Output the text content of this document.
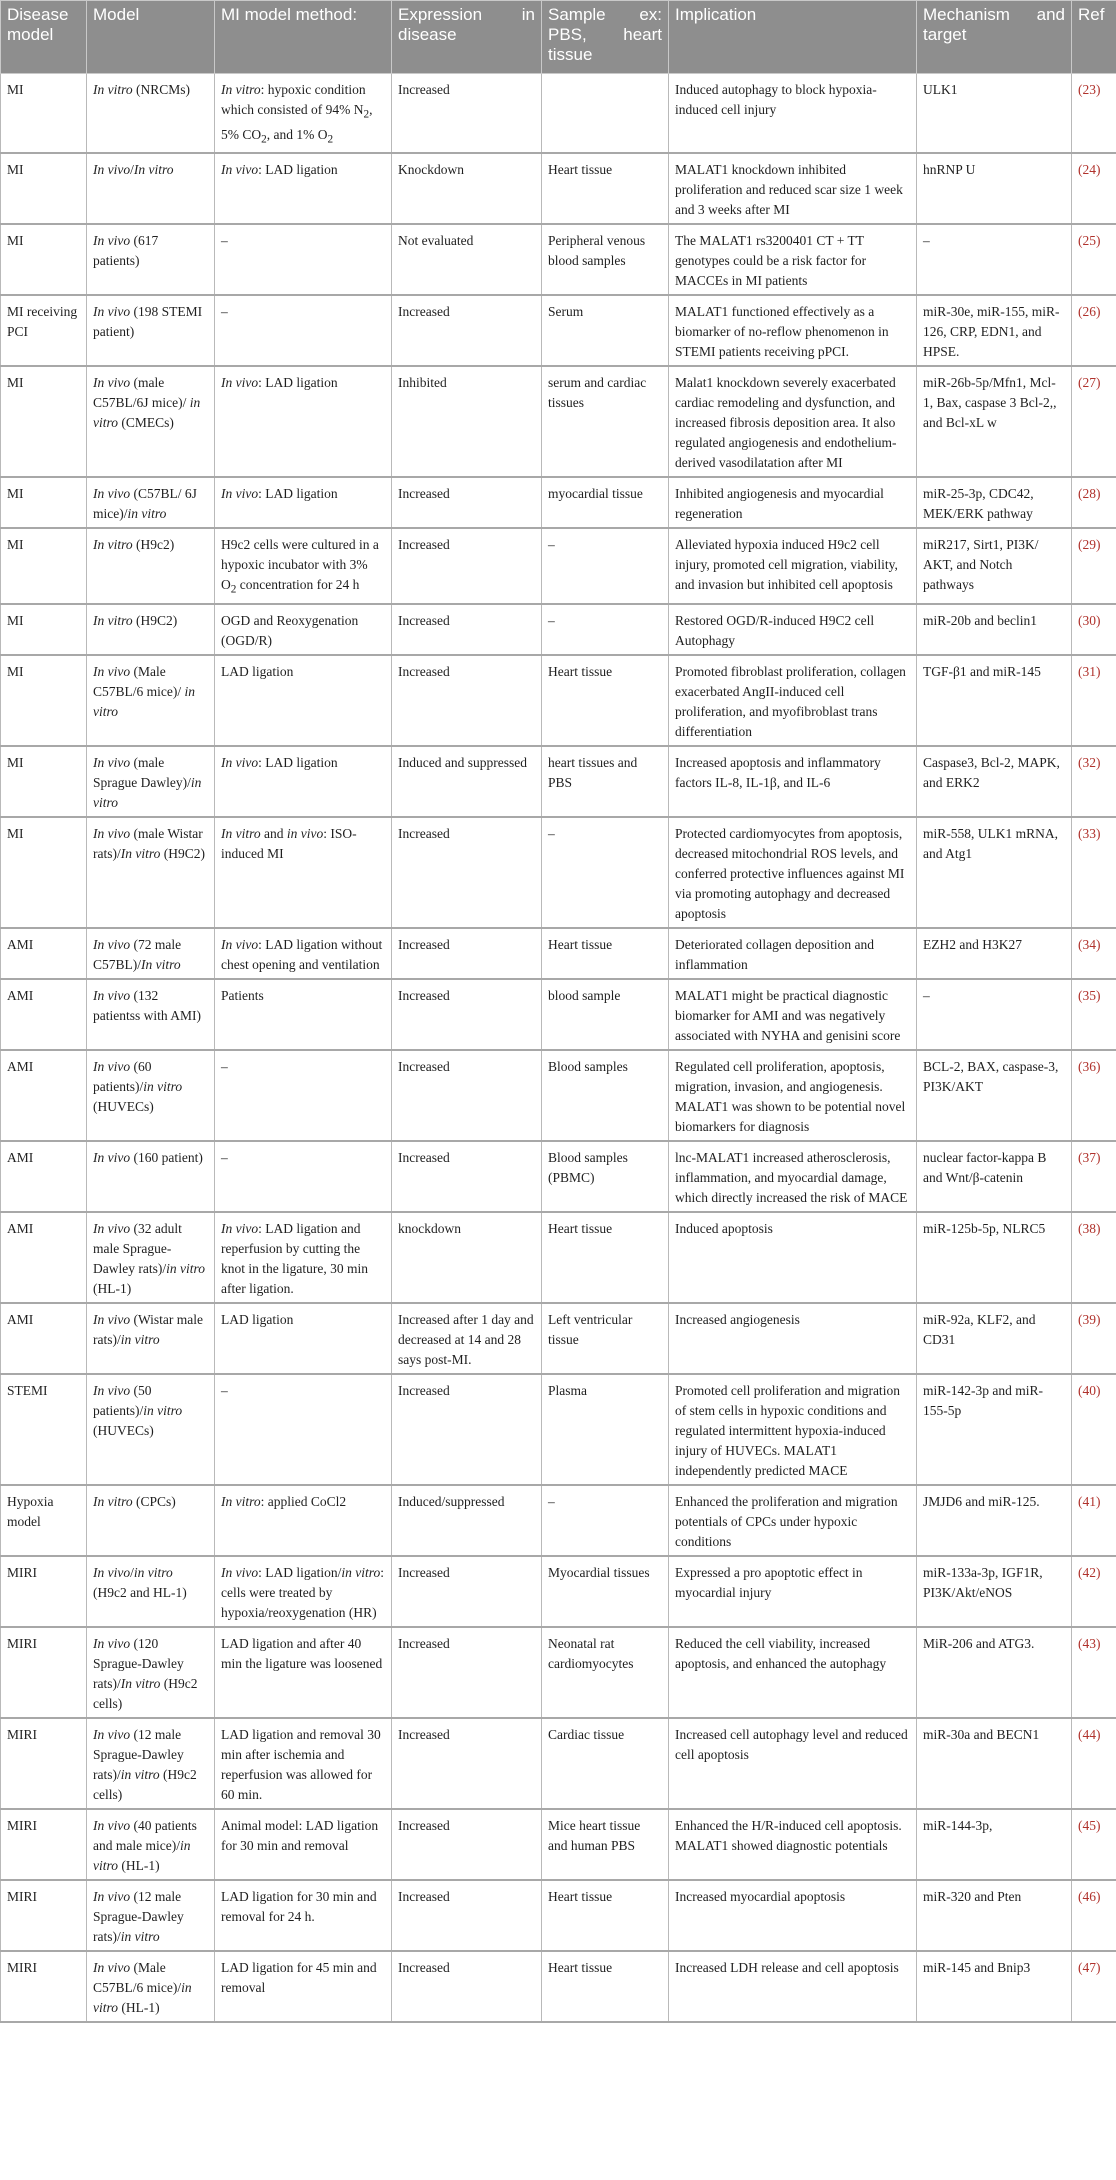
Disease model	Model	MI model method:	Expression in disease	Sample ex: PBS, heart tissue	Implication	Mechanism and target	Ref
MI	In vitro (NRCMs)	In vitro: hypoxic condition which consisted of 94% $N_2$, 5% $CO_2$, and 1% $O_2$	Increased		Induced autophagy to block hypoxia-induced cell injury	ULK1	(23)
MI	In vivo/In vitro	In vivo: LAD ligation	Knockdown	Heart tissue	MALAT1 knockdown inhibited proliferation and reduced scar size 1 week and 3 weeks after MI	hnRNP U	(24)
MI	In vivo (617 patients)	–	Not evaluated	Peripheral venous blood samples	The MALAT1 rs3200401 CT + TT genotypes could be a risk factor for MACCEs in MI patients	–	(25)
MI receiving PCI	In vivo (198 STEMI patient)	–	Increased	Serum	MALAT1 functioned effectively as a biomarker of no-reflow phenomenon in STEMI patients receiving pPCI.	miR-30e, miR-155, miR-126, CRP, EDN1, and HPSE.	(26)
MI	In vivo (male C57BL/6J mice)/ in vitro (CMECs)	In vivo: LAD ligation	Inhibited	serum and cardiac tissues	Malat1 knockdown severely exacerbated cardiac remodeling and dysfunction, and increased fibrosis deposition area. It also regulated angiogenesis and endothelium-derived vasodilatation after MI	miR-26b-5p/Mfn1, Mcl-1, Bax, caspase 3 Bcl-2,, and Bcl-xL w	(27)
MI	In vivo (C57BL/ 6J mice)/in vitro	In vivo: LAD ligation	Increased	myocardial tissue	Inhibited angiogenesis and myocardial regeneration	miR-25-3p, CDC42, MEK/ERK pathway	(28)
MI	In vitro (H9c2)	H9c2 cells were cultured in a hypoxic incubator with 3% $O_2$ concentration for 24 h	Increased	–	Alleviated hypoxia induced H9c2 cell injury, promoted cell migration, viability, and invasion but inhibited cell apoptosis	miR217, Sirt1, PI3K/ AKT, and Notch pathways	(29)
MI	In vitro (H9C2)	OGD and Reoxygenation (OGD/R)	Increased	–	Restored OGD/R-induced H9C2 cell Autophagy	miR-20b and beclin1	(30)
MI	In vivo (Male C57BL/6 mice)/ in vitro	LAD ligation	Increased	Heart tissue	Promoted fibroblast proliferation, collagen exacerbated AngII-induced cell proliferation, and myofibroblast trans differentiation	TGF-β1 and miR-145	(31)
MI	In vivo (male Sprague Dawley)/in vitro	In vivo: LAD ligation	Induced and suppressed	heart tissues and PBS	Increased apoptosis and inflammatory factors IL-8, IL-1β, and IL-6	Caspase3, Bcl-2, MAPK, and ERK2	(32)
MI	In vivo (male Wistar rats)/In vitro (H9C2)	In vitro and in vivo: ISO-induced MI	Increased	–	Protected cardiomyocytes from apoptosis, decreased mitochondrial ROS levels, and conferred protective influences against MI via promoting autophagy and decreased apoptosis	miR-558, ULK1 mRNA, and Atg1	(33)
AMI	In vivo (72 male C57BL)/In vitro	In vivo: LAD ligation without chest opening and ventilation	Increased	Heart tissue	Deteriorated collagen deposition and inflammation	EZH2 and H3K27	(34)
AMI	In vivo (132 patientss with AMI)	Patients	Increased	blood sample	MALAT1 might be practical diagnostic biomarker for AMI and was negatively associated with NYHA and genisini score	–	(35)
AMI	In vivo (60 patients)/in vitro (HUVECs)	–	Increased	Blood samples	Regulated cell proliferation, apoptosis, migration, invasion, and angiogenesis. MALAT1 was shown to be potential novel biomarkers for diagnosis	BCL-2, BAX, caspase-3, PI3K/AKT	(36)
AMI	In vivo (160 patient)	–	Increased	Blood samples (PBMC)	lnc-MALAT1 increased atherosclerosis, inflammation, and myocardial damage, which directly increased the risk of MACE	nuclear factor-kappa B and Wnt/β-catenin	(37)
AMI	In vivo (32 adult male Sprague-Dawley rats)/in vitro (HL-1)	In vivo: LAD ligation and reperfusion by cutting the knot in the ligature, 30 min after ligation.	knockdown	Heart tissue	Induced apoptosis	miR-125b-5p, NLRC5	(38)
AMI	In vivo (Wistar male rats)/in vitro	LAD ligation	Increased after 1 day and decreased at 14 and 28 says post-MI.	Left ventricular tissue	Increased angiogenesis	miR-92a, KLF2, and CD31	(39)
STEMI	In vivo (50 patients)/in vitro (HUVECs)	–	Increased	Plasma	Promoted cell proliferation and migration of stem cells in hypoxic conditions and regulated intermittent hypoxia-induced injury of HUVECs. MALAT1 independently predicted MACE	miR-142-3p and miR-155-5p	(40)
Hypoxia model	In vitro (CPCs)	In vitro: applied CoCl2	Induced/suppressed	–	Enhanced the proliferation and migration potentials of CPCs under hypoxic conditions	JMJD6 and miR-125.	(41)
MIRI	In vivo/in vitro (H9c2 and HL-1)	In vivo: LAD ligation/in vitro: cells were treated by hypoxia/reoxygenation (HR)	Increased	Myocardial tissues	Expressed a pro apoptotic effect in myocardial injury	miR-133a-3p, IGF1R, PI3K/Akt/eNOS	(42)
MIRI	In vivo (120 Sprague-Dawley rats)/In vitro (H9c2 cells)	LAD ligation and after 40 min the ligature was loosened	Increased	Neonatal rat cardiomyocytes	Reduced the cell viability, increased apoptosis, and enhanced the autophagy	MiR-206 and ATG3.	(43)
MIRI	In vivo (12 male Sprague-Dawley rats)/in vitro (H9c2 cells)	LAD ligation and removal 30 min after ischemia and reperfusion was allowed for 60 min.	Increased	Cardiac tissue	Increased cell autophagy level and reduced cell apoptosis	miR-30a and BECN1	(44)
MIRI	In vivo (40 patients and male mice)/in vitro (HL-1)	Animal model: LAD ligation for 30 min and removal	Increased	Mice heart tissue and human PBS	Enhanced the H/R-induced cell apoptosis. MALAT1 showed diagnostic potentials	miR-144-3p,	(45)
MIRI	In vivo (12 male Sprague-Dawley rats)/in vitro	LAD ligation for 30 min and removal for 24 h.	Increased	Heart tissue	Increased myocardial apoptosis	miR-320 and Pten	(46)
MIRI	In vivo (Male C57BL/6 mice)/in vitro (HL-1)	LAD ligation for 45 min and removal	Increased	Heart tissue	Increased LDH release and cell apoptosis	miR-145 and Bnip3	(47)
